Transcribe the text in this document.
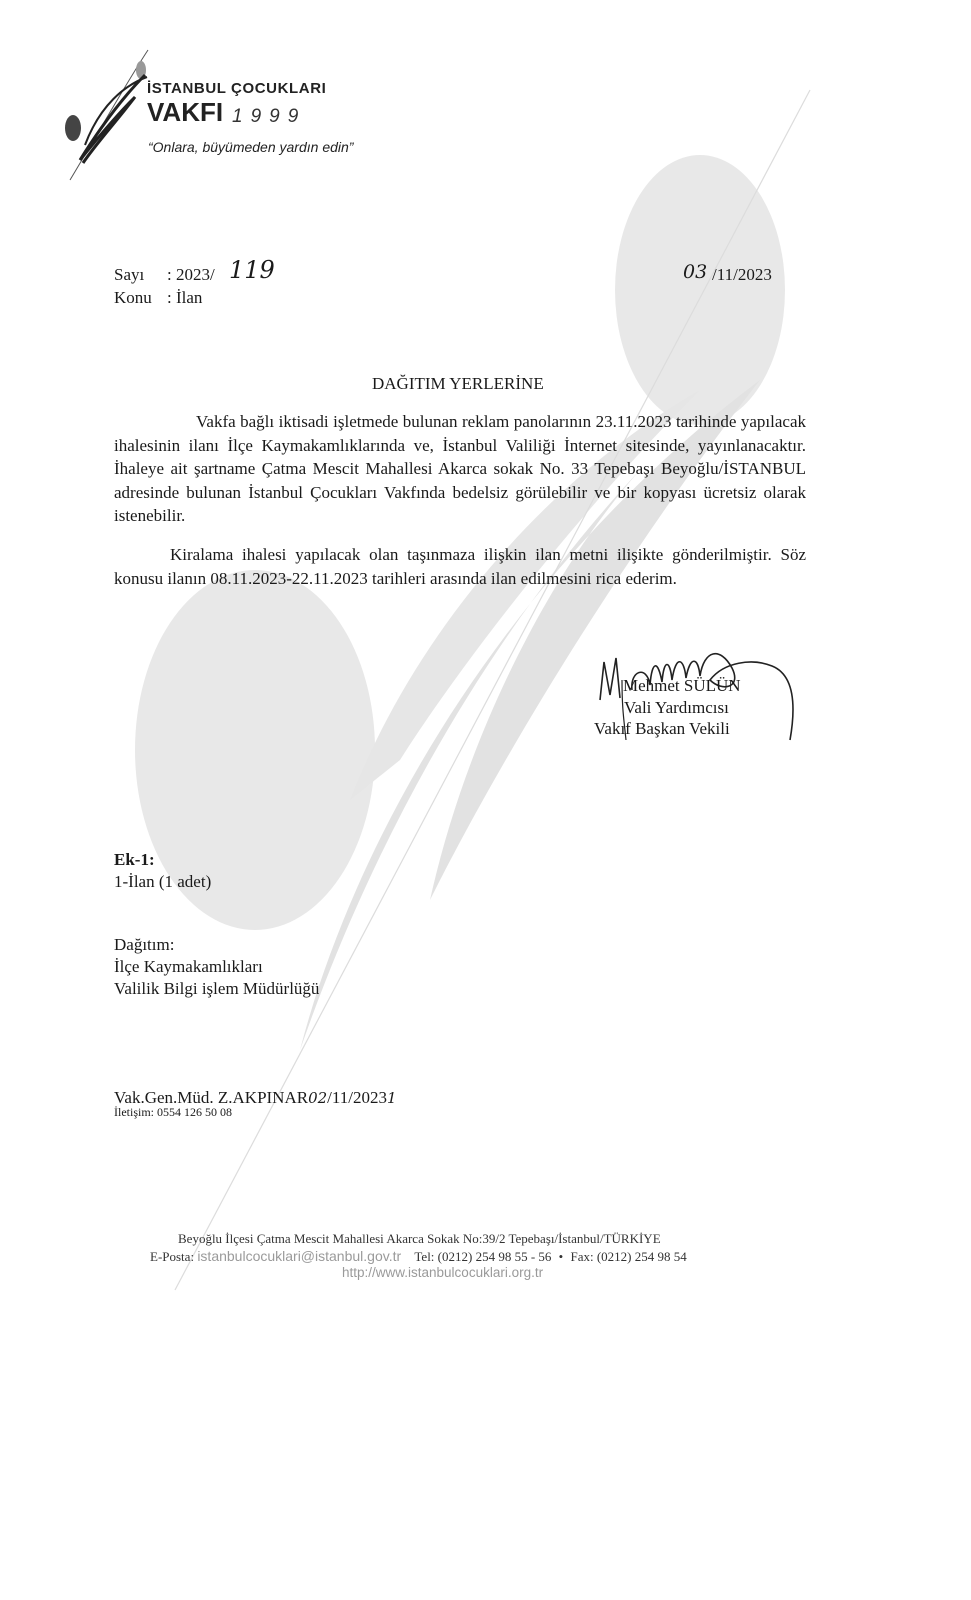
İSTANBUL ÇOCUKLARI
VAKFI 1999
“Onlara, büyümeden yardın edin”
Sayı : 2023/ 119
Konu : İlan
03 /11/2023
DAĞITIM YERLERİNE
Vakfa bağlı iktisadi işletmede bulunan reklam panolarının 23.11.2023 tarihinde yapılacak ihalesinin ilanı İlçe Kaymakamlıklarında ve, İstanbul Valiliği İnternet sitesinde, yayınlanacaktır. İhaleye ait şartname Çatma Mescit Mahallesi Akarca sokak No. 33 Tepebaşı Beyoğlu/İSTANBUL adresinde bulunan İstanbul Çocukları Vakfında bedelsiz görülebilir ve bir kopyası ücretsiz olarak istenebilir.
Kiralama ihalesi yapılacak olan taşınmaza ilişkin ilan metni ilişikte gönderilmiştir. Söz konusu ilanın 08.11.2023-22.11.2023 tarihleri arasında ilan edilmesini rica ederim.
Mehmet SÜLÜN
Vali Yardımcısı
Vakıf Başkan Vekili
Ek-1:
1-İlan (1 adet)
Dağıtım:
İlçe Kaymakamlıkları
Valilik Bilgi işlem Müdürlüğü
Vak.Gen.Müd. Z.AKPINAR02/11/20231
İletişim: 0554 126 50 08
Beyoğlu İlçesi Çatma Mescit Mahallesi Akarca Sokak No:39/2 Tepebaşı/İstanbul/TÜRKİYE
E-Posta: istanbulcocuklari@istanbul.gov.tr Tel: (0212) 254 98 55 - 56 • Fax: (0212) 254 98 54
http://www.istanbulcocuklari.org.tr
